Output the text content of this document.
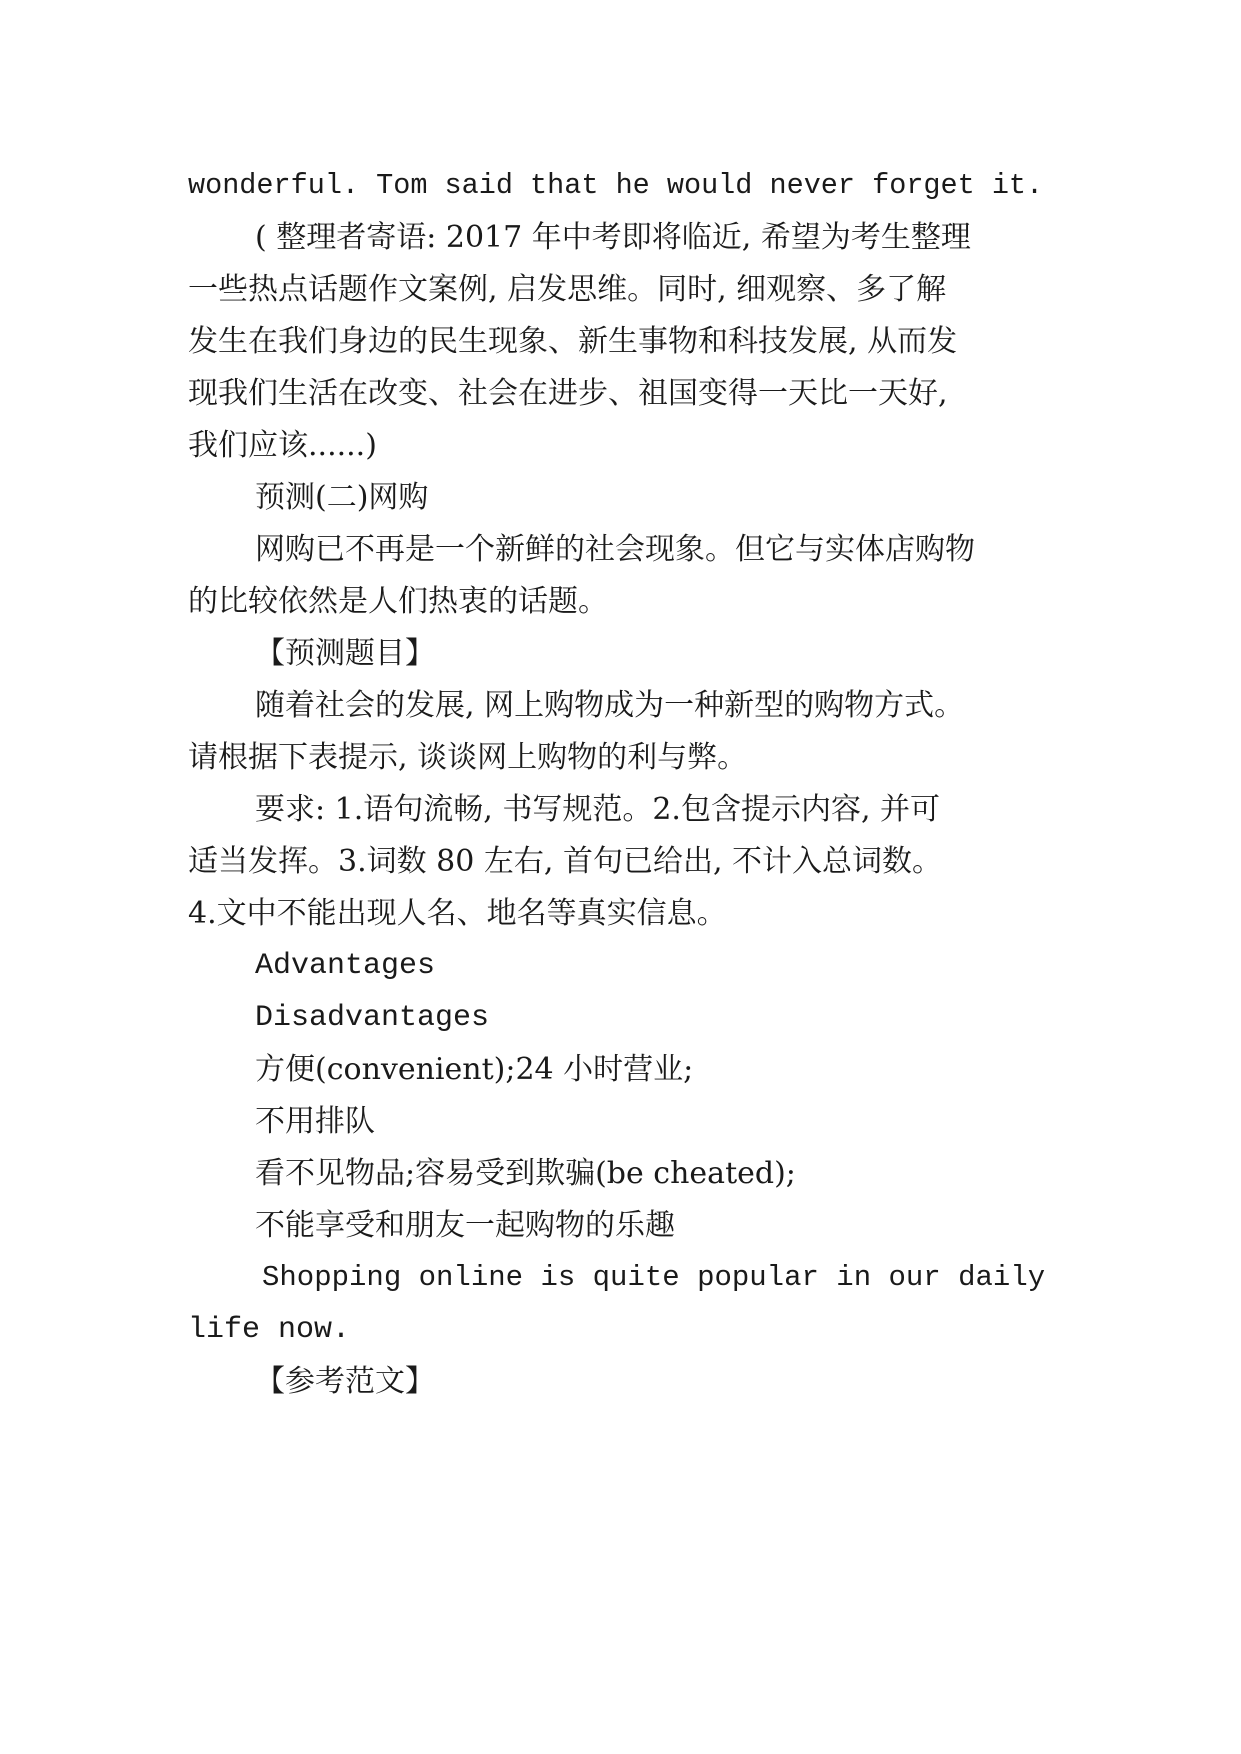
wonderful. Tom said that he would never forget it.
( 整理者寄语: 2017 年中考即将临近, 希望为考生整理
一些热点话题作文案例, 启发思维。同时, 细观察、多了解
发生在我们身边的民生现象、新生事物和科技发展, 从而发
现我们生活在改变、社会在进步、祖国变得一天比一天好,
我们应该......)
预测(二)网购
网购已不再是一个新鲜的社会现象。但它与实体店购物
的比较依然是人们热衷的话题。
【预测题目】
随着社会的发展, 网上购物成为一种新型的购物方式。
请根据下表提示, 谈谈网上购物的利与弊。
要求: 1.语句流畅, 书写规范。2.包含提示内容, 并可
适当发挥。3.词数 80 左右, 首句已给出, 不计入总词数。
4.文中不能出现人名、地名等真实信息。
Advantages
Disadvantages
方便(convenient);24 小时营业;
不用排队
看不见物品;容易受到欺骗(be cheated);
不能享受和朋友一起购物的乐趣
Shopping online is quite popular in our daily
life now.
【参考范文】
